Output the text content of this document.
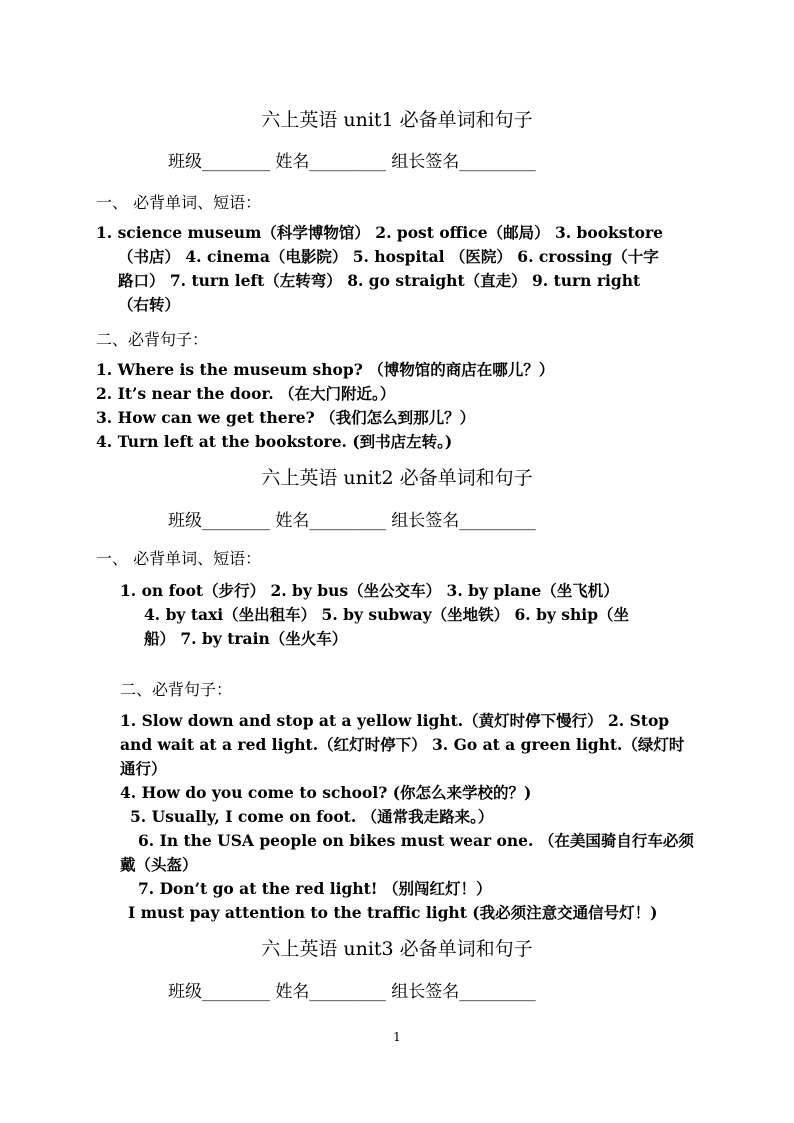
六上英语 unit1 必备单词和句子
班级________ 姓名_________ 组长签名_________
一、 必背单词、短语：
1. science museum（科学博物馆） 2. post office（邮局） 3. bookstore
（书店） 4. cinema（电影院） 5. hospital （医院） 6. crossing（十字
路口） 7. turn left（左转弯） 8. go straight（直走） 9. turn right
（右转）
二、必背句子：
1. Where is the museum shop? （博物馆的商店在哪儿？）
2. It’s near the door. （在大门附近。）
3. How can we get there? （我们怎么到那儿？）
4. Turn left at the bookstore. (到书店左转。)
六上英语 unit2 必备单词和句子
班级________ 姓名_________ 组长签名_________
一、 必背单词、短语：
1. on foot（步行） 2. by bus（坐公交车） 3. by plane（坐飞机）
4. by taxi（坐出租车） 5. by subway（坐地铁） 6. by ship（坐
船） 7. by train（坐火车）
二、必背句子：
1. Slow down and stop at a yellow light.（黄灯时停下慢行） 2. Stop
and wait at a red light.（红灯时停下） 3. Go at a green light.（绿灯时
通行）
4. How do you come to school? (你怎么来学校的？)
5. Usually, I come on foot. （通常我走路来。）
6. In the USA people on bikes must wear one. （在美国骑自行车必须
戴（头盔）
7. Don’t go at the red light! （别闯红灯！）
I must pay attention to the traffic light (我必须注意交通信号灯！)
六上英语 unit3 必备单词和句子
班级________ 姓名_________ 组长签名_________
1
